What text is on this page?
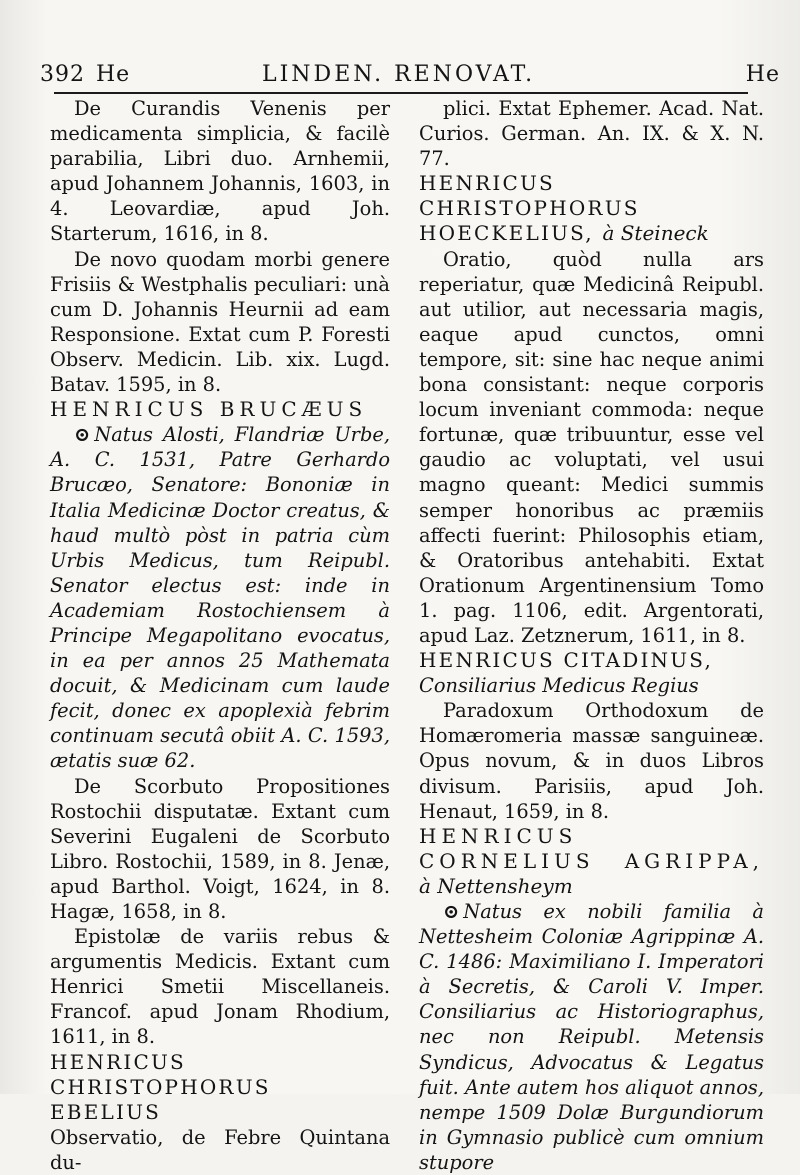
392 He	LINDEN. RENOVAT.	He

De Curandis Venenis per medicamenta simplicia, & facilè parabilia, Libri duo. Arnhemii, apud Johannem Johannis, 1603, in 4. Leovardiæ, apud Joh. Starterum, 1616, in 8.

De novo quodam morbi genere Frisiis & Westphalis peculiari: unà cum D. Johannis Heurnii ad eam Responsione. Extat cum P. Foresti Observ. Medicin. Lib. xix. Lugd. Batav. 1595, in 8.

HENRICUS BRUCÆUS

⊙ Natus Alosti, Flandriæ Urbe, A. C. 1531, Patre Gerhardo Brucæo, Senatore: Bononiæ in Italia Medicinæ Doctor creatus, & haud multò pòst in patria cùm Urbis Medicus, tum Reipubl. Senator electus est: inde in Academiam Rostochiensem à Principe Megapolitano evocatus, in ea per annos 25 Mathemata docuit, & Medicinam cum laude fecit, donec ex apoplexià febrim continuam secutâ obiit A. C. 1593, ætatis suæ 62.

De Scorbuto Propositiones Rostochii disputatæ. Extant cum Severini Eugaleni de Scorbuto Libro. Rostochii, 1589, in 8. Jenæ, apud Barthol. Voigt, 1624, in 8. Hagæ, 1658, in 8.

Epistolæ de variis rebus & argumentis Medicis. Extant cum Henrici Smetii Miscellaneis. Francof. apud Jonam Rhodium, 1611, in 8.

HENRICUS CHRISTOPHORUS EBELIUS

Observatio, de Febre Quintana du-

plici. Extat Ephemer. Acad. Nat. Curios. German. An. IX. & X. N. 77.

HENRICUS CHRISTOPHORUS HOECKELIUS, à Steineck

Oratio, quòd nulla ars reperiatur, quæ Medicinâ Reipubl. aut utilior, aut necessaria magis, eaque apud cunctos, omni tempore, sit: sine hac neque animi bona consistant: neque corporis locum inveniant commoda: neque fortunæ, quæ tribuuntur, esse vel gaudio ac voluptati, vel usui magno queant: Medici summis semper honoribus ac præmiis affecti fuerint: Philosophis etiam, & Oratoribus antehabiti. Extat Orationum Argentinensium Tomo 1. pag. 1106, edit. Argentorati, apud Laz. Zetznerum, 1611, in 8.

HENRICUS CITADINUS,

Consiliarius Medicus Regius

Paradoxum Orthodoxum de Homæromeria massæ sanguineæ. Opus novum, & in duos Libros divisum. Parisiis, apud Joh. Henaut, 1659, in 8.

HENRICUS CORNELIUS AGRIPPA, à Nettensheym

⊙ Natus ex nobili familia à Nettesheim Coloniæ Agrippinæ A. C. 1486: Maximiliano I. Imperatori à Secretis, & Caroli V. Imper. Consiliarius ac Historiographus, nec non Reipubl. Metensis Syndicus, Advocatus & Legatus fuit. Ante autem hos aliquot annos, nempe 1509 Dolæ Burgundiorum in Gymnasio publicè cum omnium stupore
